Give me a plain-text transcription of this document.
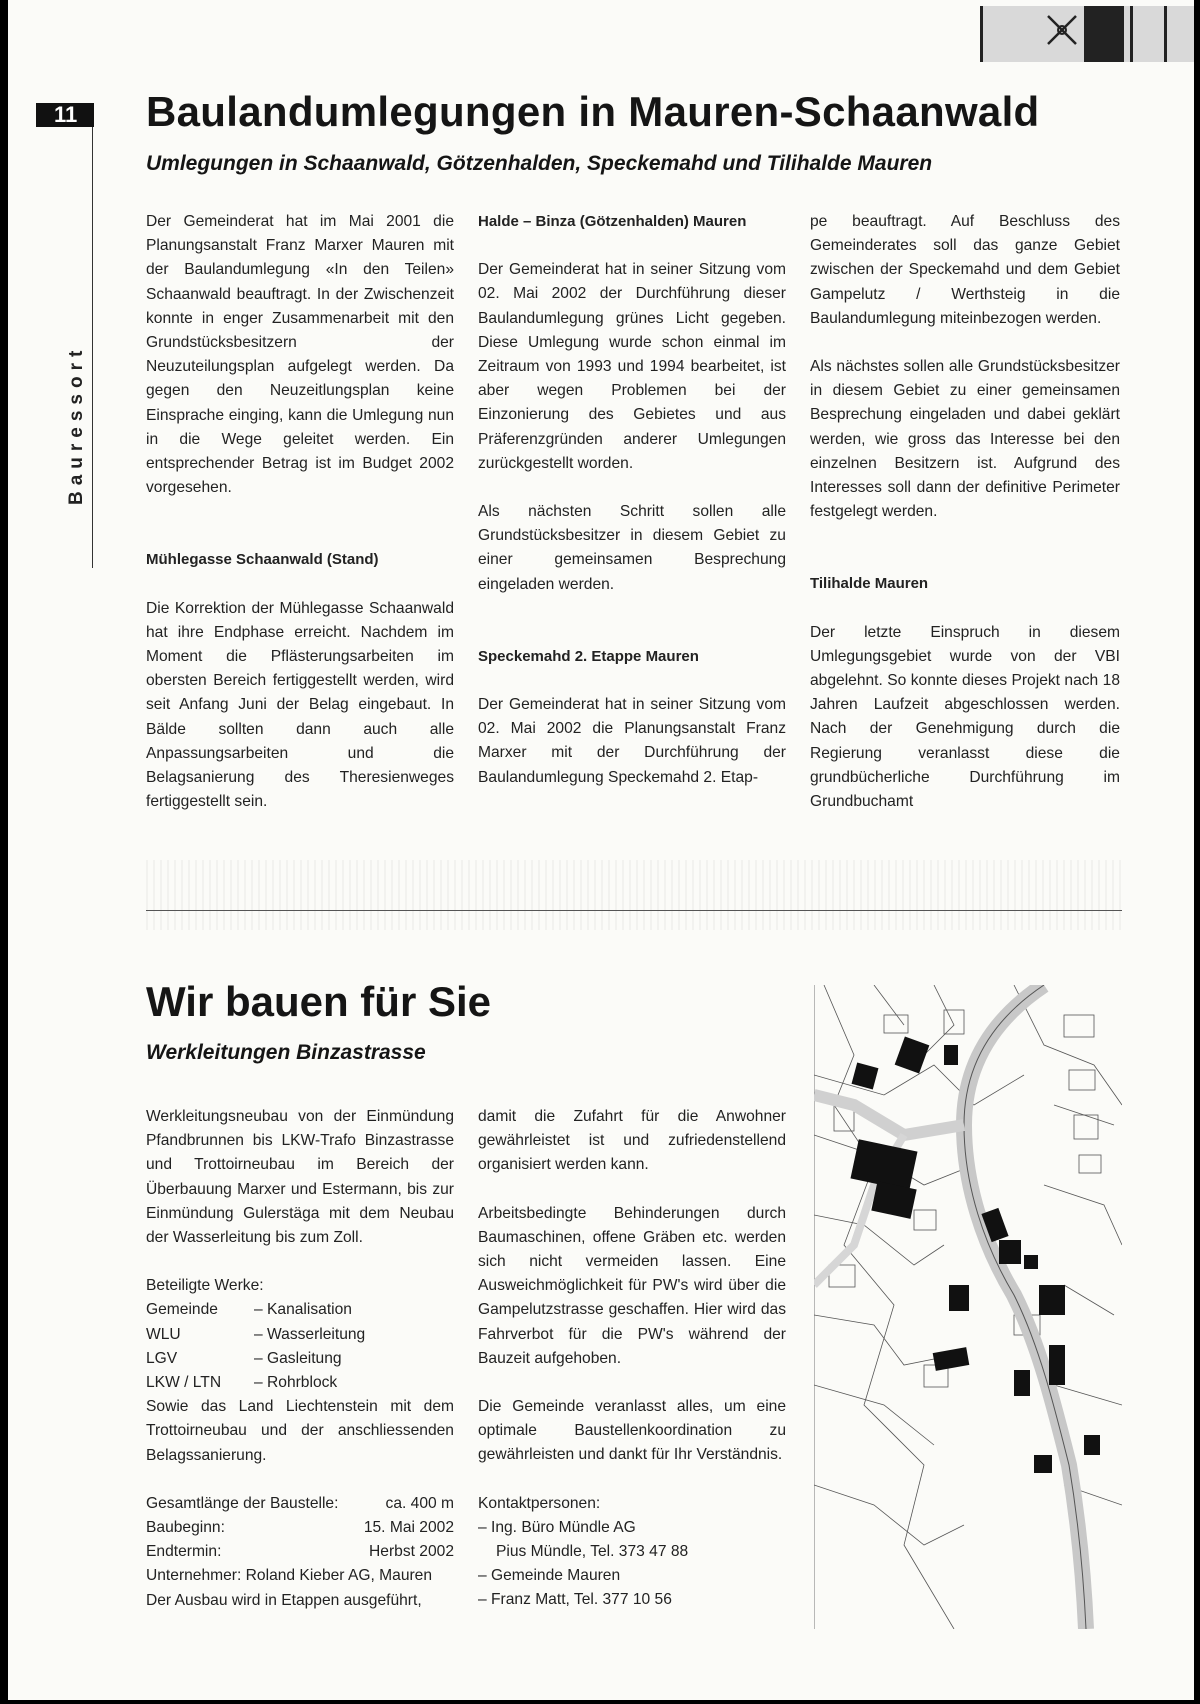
11
Bauressort
Baulandumlegungen in Mauren-Schaanwald
Umlegungen in Schaanwald, Götzenhalden, Speckemahd und Tilihalde Mauren

Der Gemeinderat hat im Mai 2001 die Planungsanstalt Franz Marxer Mauren mit der Baulandumlegung «In den Teilen» Schaanwald beauftragt. In der Zwischenzeit konnte in enger Zusammenarbeit mit den Grundstücksbesitzern der Neuzuteilungsplan aufgelegt werden. Da gegen den Neuzeitlungsplan keine Einsprache einging, kann die Umlegung nun in die Wege geleitet werden. Ein entsprechender Betrag ist im Budget 2002 vorgesehen.

Mühlegasse Schaanwald (Stand)

Die Korrektion der Mühlegasse Schaanwald hat ihre Endphase erreicht. Nachdem im Moment die Pflästerungsarbeiten im obersten Bereich fertiggestellt werden, wird seit Anfang Juni der Belag eingebaut. In Bälde sollten dann auch alle Anpassungsarbeiten und die Belagsanierung des Theresienweges fertiggestellt sein.

Halde – Binza (Götzenhalden) Mauren

Der Gemeinderat hat in seiner Sitzung vom 02. Mai 2002 der Durchführung dieser Baulandumlegung grünes Licht gegeben. Diese Umlegung wurde schon einmal im Zeitraum von 1993 und 1994 bearbeitet, ist aber wegen Problemen bei der Einzonierung des Gebietes und aus Präferenzgründen anderer Umlegungen zurückgestellt worden.

Als nächsten Schritt sollen alle Grundstücksbesitzer in diesem Gebiet zu einer gemeinsamen Besprechung eingeladen werden.

Speckemahd 2. Etappe Mauren

Der Gemeinderat hat in seiner Sitzung vom 02. Mai 2002 die Planungsanstalt Franz Marxer mit der Durchführung der Baulandumlegung Speckemahd 2. Etap-

pe beauftragt. Auf Beschluss des Gemeinderates soll das ganze Gebiet zwischen der Speckemahd und dem Gebiet Gampelutz / Werthsteig in die Baulandumlegung miteinbezogen werden.

Als nächstes sollen alle Grundstücksbesitzer in diesem Gebiet zu einer gemeinsamen Besprechung eingeladen und dabei geklärt werden, wie gross das Interesse bei den einzelnen Besitzern ist. Aufgrund des Interesses soll dann der definitive Perimeter festgelegt werden.

Tilihalde Mauren

Der letzte Einspruch in diesem Umlegungsgebiet wurde von der VBI abgelehnt. So konnte dieses Projekt nach 18 Jahren Laufzeit abgeschlossen werden. Nach der Genehmigung durch die Regierung veranlasst diese die grundbücherliche Durchführung im Grundbuchamt

Wir bauen für Sie
Werkleitungen Binzastrasse

Werkleitungsneubau von der Einmündung Pfandbrunnen bis LKW-Trafo Binzastrasse und Trottoirneubau im Bereich der Überbauung Marxer und Estermann, bis zur Einmündung Gulerstäga mit dem Neubau der Wasserleitung bis zum Zoll.

Beteiligte Werke:

Gemeinde	– Kanalisation
WLU	– Wasserleitung
LGV	– Gasleitung
LKW / LTN	– Rohrblock

Sowie das Land Liechtenstein mit dem Trottoirneubau und der anschliessenden Belagssanierung.

Gesamtlänge der Baustelle:	ca. 400 m
Baubeginn:	15. Mai 2002
Endtermin:	Herbst 2002

Unternehmer: Roland Kieber AG, Mauren

Der Ausbau wird in Etappen ausgeführt,

damit die Zufahrt für die Anwohner gewährleistet ist und zufriedenstellend organisiert werden kann.

Arbeitsbedingte Behinderungen durch Baumaschinen, offene Gräben etc. werden sich nicht vermeiden lassen. Eine Ausweichmöglichkeit für PW's wird über die Gampelutzstrasse geschaffen. Hier wird das Fahrverbot für die PW's während der Bauzeit aufgehoben.

Die Gemeinde veranlasst alles, um eine optimale Baustellenkoordination zu gewährleisten und dankt für Ihr Verständnis.

Kontaktpersonen:

– Ing. Büro Mündle AG

Pius Mündle, Tel. 373 47 88

– Gemeinde Mauren

– Franz Matt, Tel. 377 10 56
